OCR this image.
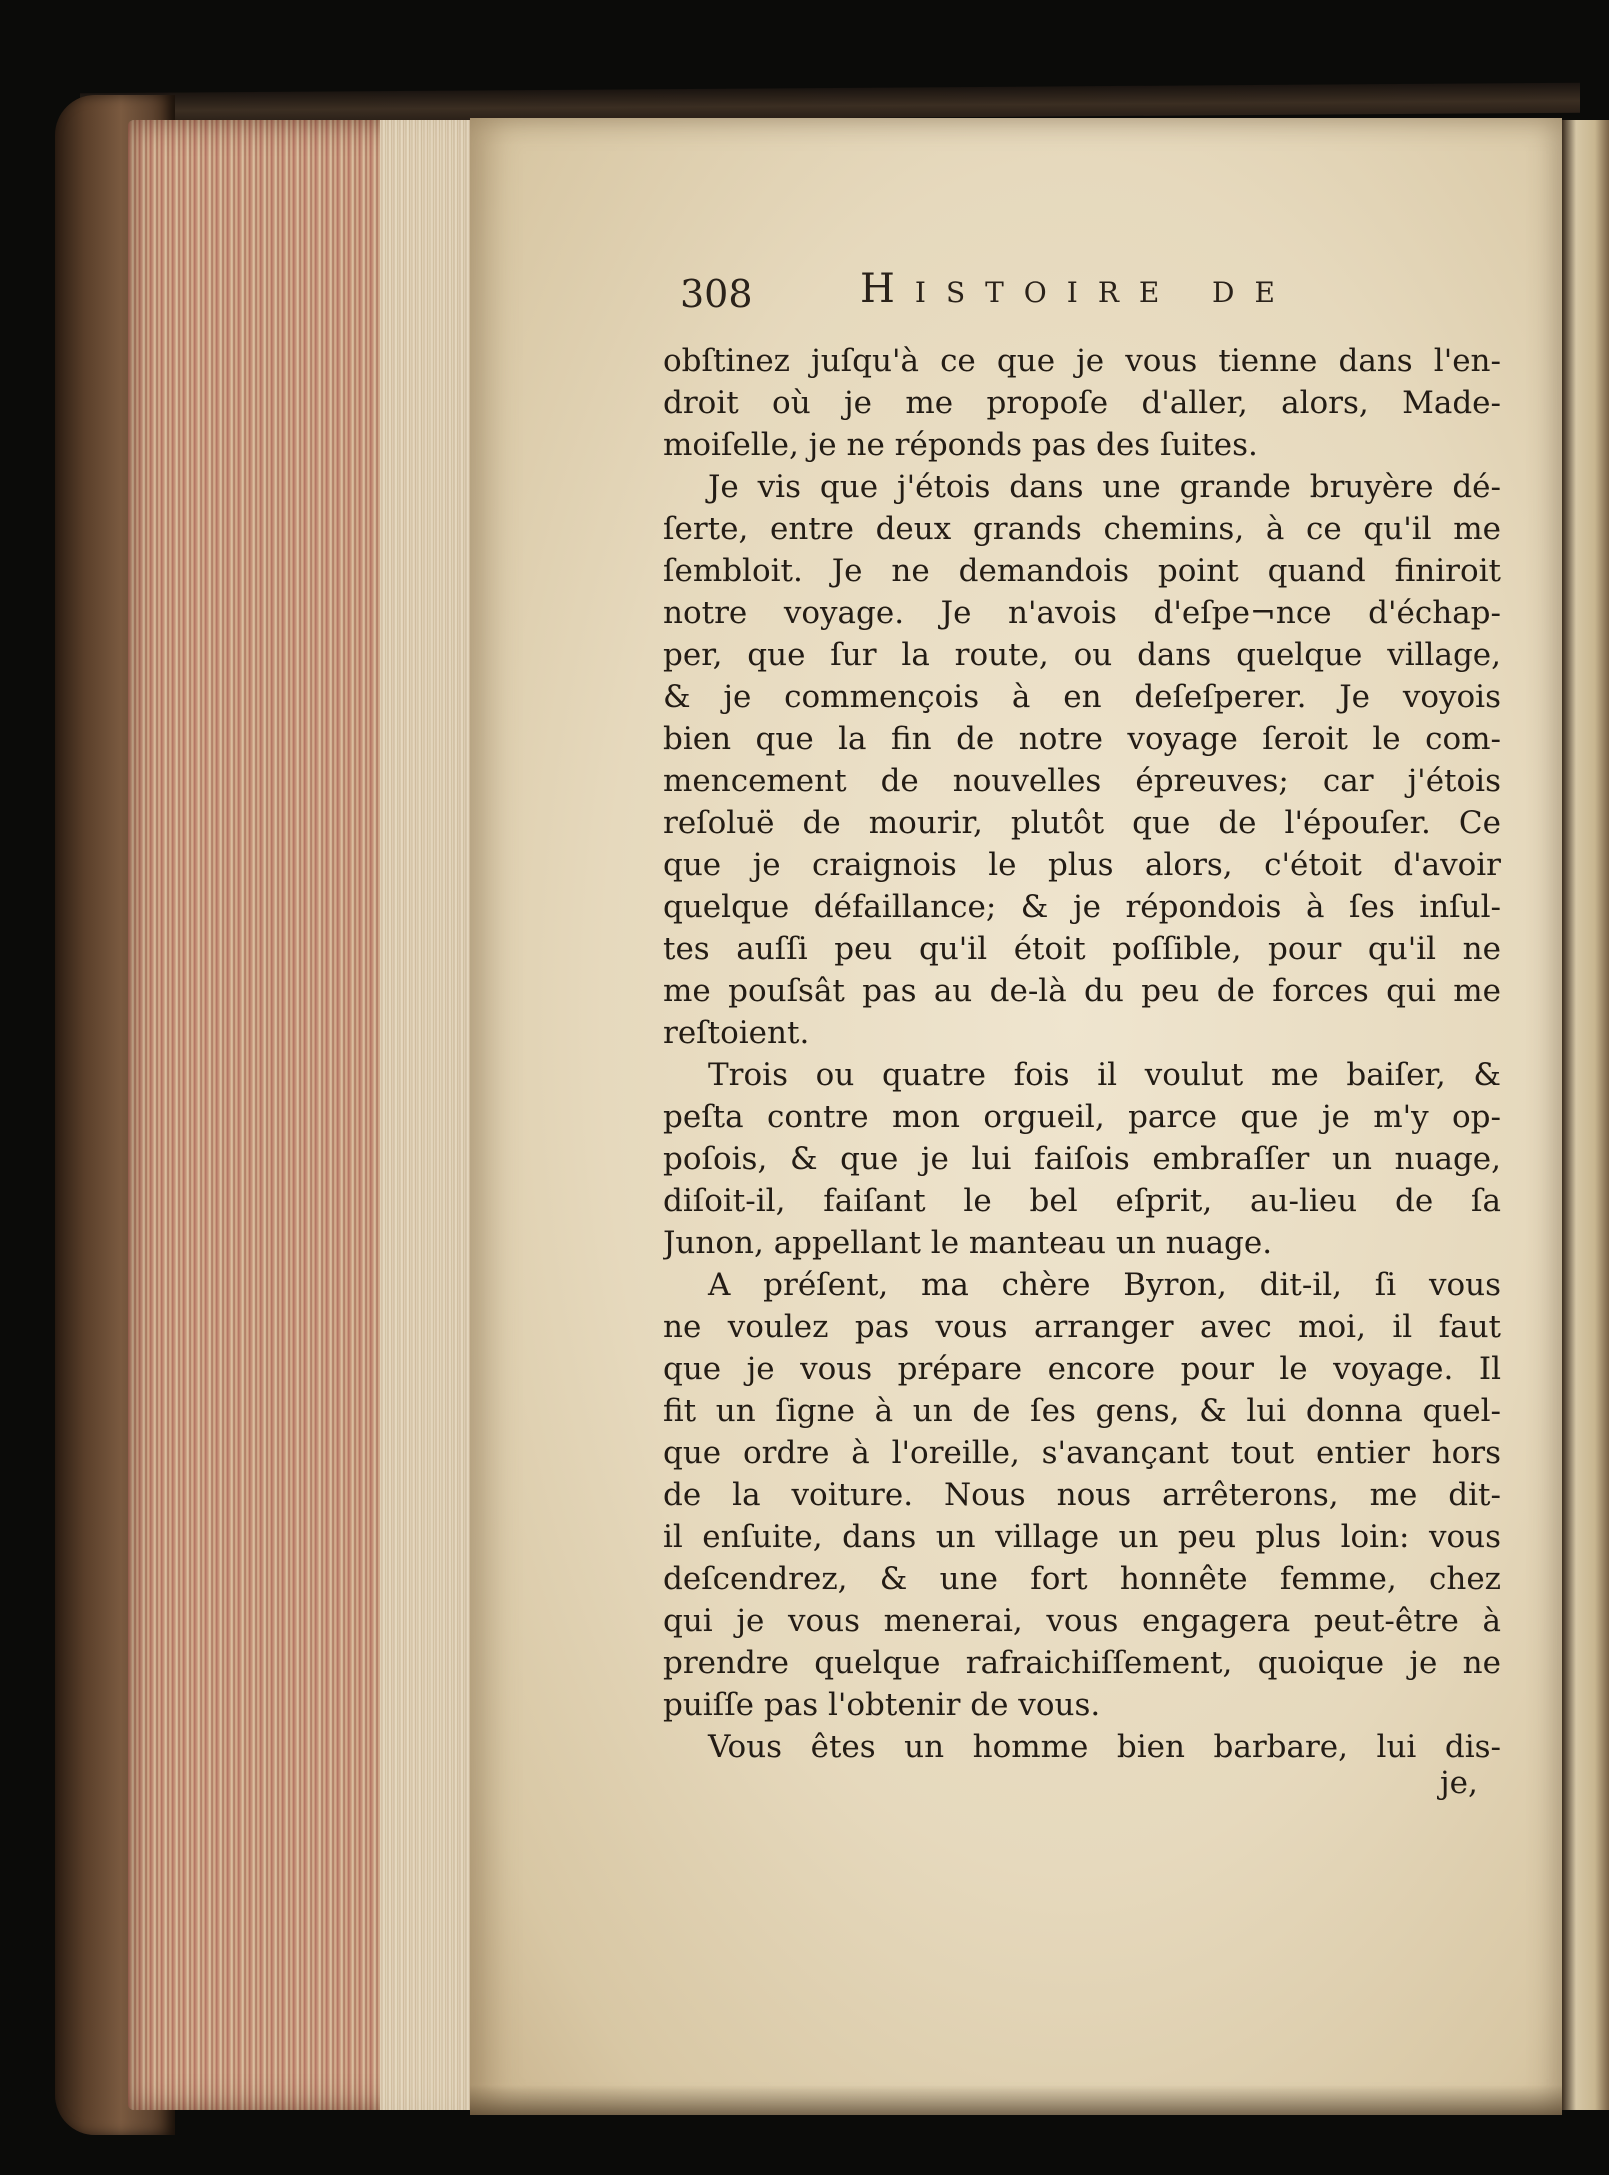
308	Histoire de
obſtinez juſqu'à ce que je vous tienne dans l'en-
droit où je me propoſe d'aller, alors, Made-
moiſelle, je ne réponds pas des ſuites.
Je vis que j'étois dans une grande bruyère dé-
ſerte, entre deux grands chemins, à ce qu'il me
ſembloit. Je ne demandois point quand finiroit
notre voyage. Je n'avois d'eſpe¬nce d'échap-
per, que ſur la route, ou dans quelque village,
& je commençois à en deſeſperer. Je voyois
bien que la fin de notre voyage ſeroit le com-
mencement de nouvelles épreuves; car j'étois
reſoluë de mourir, plutôt que de l'épouſer. Ce
que je craignois le plus alors, c'étoit d'avoir
quelque défaillance; & je répondois à ſes inſul-
tes auſſi peu qu'il étoit poſſible, pour qu'il ne
me pouſsât pas au de-là du peu de forces qui me
reſtoient.
Trois ou quatre fois il voulut me baiſer, &
peſta contre mon orgueil, parce que je m'y op-
poſois, & que je lui faiſois embraſſer un nuage,
diſoit-il, faiſant le bel eſprit, au-lieu de ſa
Junon, appellant le manteau un nuage.
A préſent, ma chère Byron, dit-il, ſi vous
ne voulez pas vous arranger avec moi, il faut
que je vous prépare encore pour le voyage. Il
fit un ſigne à un de ſes gens, & lui donna quel-
que ordre à l'oreille, s'avançant tout entier hors
de la voiture. Nous nous arrêterons, me dit-
il enſuite, dans un village un peu plus loin: vous
deſcendrez, & une fort honnête femme, chez
qui je vous menerai, vous engagera peut-être à
prendre quelque rafraichiſſement, quoique je ne
puiſſe pas l'obtenir de vous.
Vous êtes un homme bien barbare, lui dis-
je,
